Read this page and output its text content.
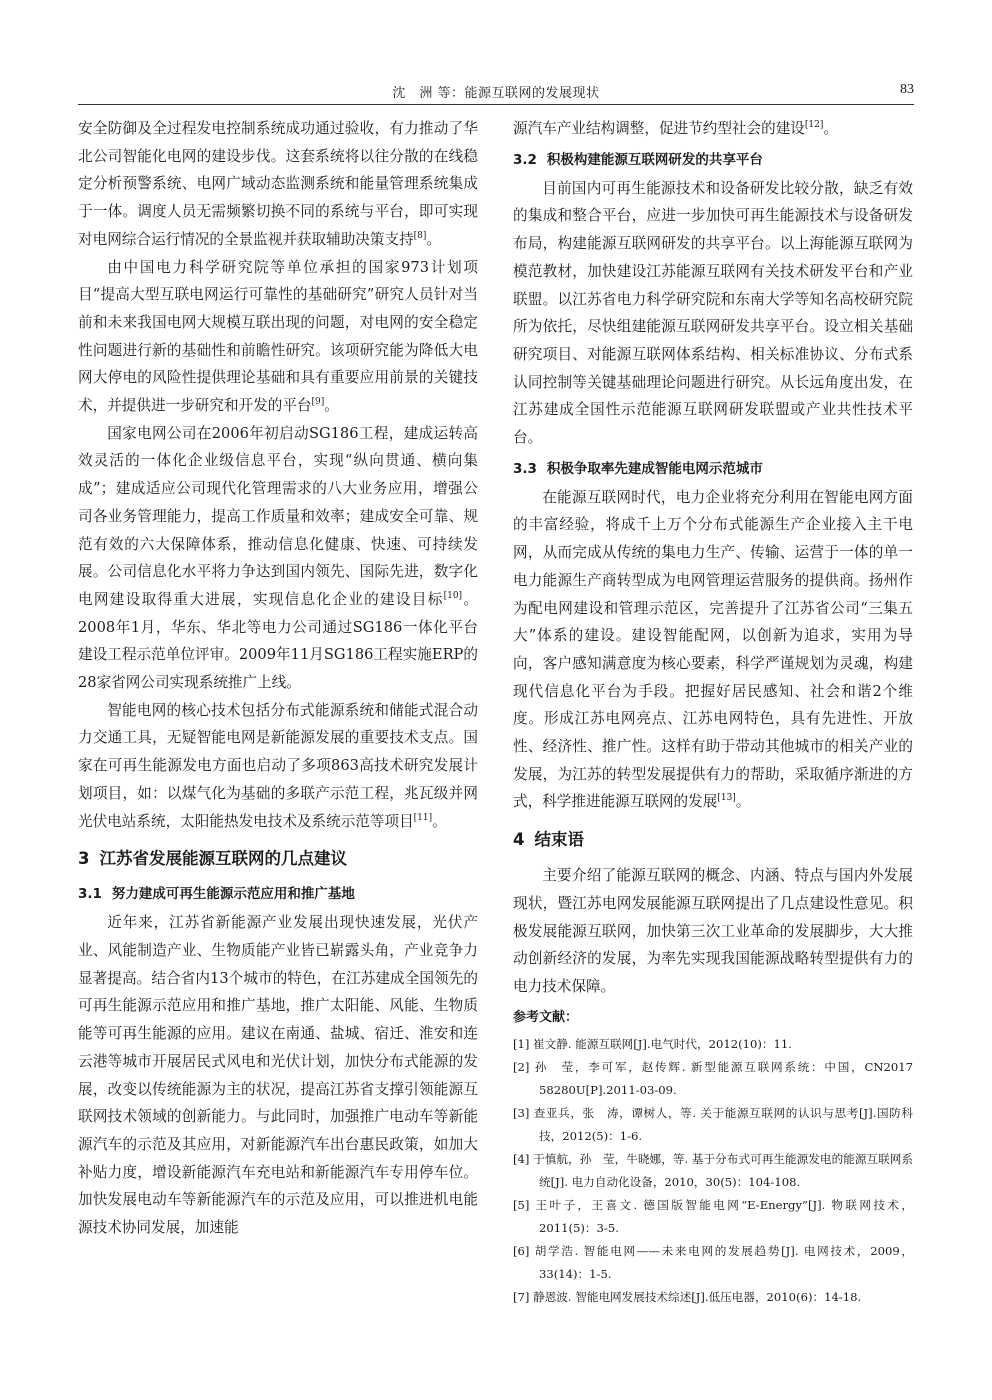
沈　洲 等：能源互联网的发展现状	83

安全防御及全过程发电控制系统成功通过验收，有力推动了华北公司智能化电网的建设步伐。这套系统将以往分散的在线稳定分析预警系统、电网广域动态监测系统和能量管理系统集成于一体。调度人员无需频繁切换不同的系统与平台，即可实现对电网综合运行情况的全景监视并获取辅助决策支持[8]。

由中国电力科学研究院等单位承担的国家973计划项目“提高大型互联电网运行可靠性的基础研究”研究人员针对当前和未来我国电网大规模互联出现的问题，对电网的安全稳定性问题进行新的基础性和前瞻性研究。该项研究能为降低大电网大停电的风险性提供理论基础和具有重要应用前景的关键技术，并提供进一步研究和开发的平台[9]。

国家电网公司在2006年初启动SG186工程，建成运转高效灵活的一体化企业级信息平台，实现“纵向贯通、横向集成”；建成适应公司现代化管理需求的八大业务应用，增强公司各业务管理能力，提高工作质量和效率；建成安全可靠、规范有效的六大保障体系，推动信息化健康、快速、可持续发展。公司信息化水平将力争达到国内领先、国际先进，数字化电网建设取得重大进展，实现信息化企业的建设目标[10]。2008年1月，华东、华北等电力公司通过SG186一体化平台建设工程示范单位评审。2009年11月SG186工程实施ERP的28家省网公司实现系统推广上线。

智能电网的核心技术包括分布式能源系统和储能式混合动力交通工具，无疑智能电网是新能源发展的重要技术支点。国家在可再生能源发电方面也启动了多项863高技术研究发展计划项目，如：以煤气化为基础的多联产示范工程，兆瓦级并网光伏电站系统，太阳能热发电技术及系统示范等项目[11]。

3 江苏省发展能源互联网的几点建议
3.1 努力建成可再生能源示范应用和推广基地

近年来，江苏省新能源产业发展出现快速发展，光伏产业、风能制造产业、生物质能产业皆已崭露头角，产业竞争力显著提高。结合省内13个城市的特色，在江苏建成全国领先的可再生能源示范应用和推广基地，推广太阳能、风能、生物质能等可再生能源的应用。建议在南通、盐城、宿迁、淮安和连云港等城市开展居民式风电和光伏计划，加快分布式能源的发展，改变以传统能源为主的状况，提高江苏省支撑引领能源互联网技术领域的创新能力。与此同时，加强推广电动车等新能源汽车的示范及其应用，对新能源汽车出台惠民政策，如加大补贴力度，增设新能源汽车充电站和新能源汽车专用停车位。加快发展电动车等新能源汽车的示范及应用，可以推进机电能源技术协同发展，加速能

源汽车产业结构调整，促进节约型社会的建设[12]。

3.2 积极构建能源互联网研发的共享平台

目前国内可再生能源技术和设备研发比较分散，缺乏有效的集成和整合平台，应进一步加快可再生能源技术与设备研发布局，构建能源互联网研发的共享平台。以上海能源互联网为模范教材，加快建设江苏能源互联网有关技术研发平台和产业联盟。以江苏省电力科学研究院和东南大学等知名高校研究院所为依托，尽快组建能源互联网研发共享平台。设立相关基础研究项目、对能源互联网体系结构、相关标准协议、分布式系认同控制等关键基础理论问题进行研究。从长远角度出发，在江苏建成全国性示范能源互联网研发联盟或产业共性技术平台。

3.3 积极争取率先建成智能电网示范城市

在能源互联网时代，电力企业将充分利用在智能电网方面的丰富经验，将成千上万个分布式能源生产企业接入主干电网，从而完成从传统的集电力生产、传输、运营于一体的单一电力能源生产商转型成为电网管理运营服务的提供商。扬州作为配电网建设和管理示范区，完善提升了江苏省公司“三集五大”体系的建设。建设智能配网，以创新为追求，实用为导向，客户感知满意度为核心要素，科学严谨规划为灵魂，构建现代信息化平台为手段。把握好居民感知、社会和谐2个维度。形成江苏电网亮点、江苏电网特色，具有先进性、开放性、经济性、推广性。这样有助于带动其他城市的相关产业的发展，为江苏的转型发展提供有力的帮助，采取循序渐进的方式，科学推进能源互联网的发展[13]。

4 结束语

主要介绍了能源互联网的概念、内涵、特点与国内外发展现状，暨江苏电网发展能源互联网提出了几点建设性意见。积极发展能源互联网，加快第三次工业革命的发展脚步，大大推动创新经济的发展，为率先实现我国能源战略转型提供有力的电力技术保障。

参考文献：
[1] 崔文静. 能源互联网[J].电气时代，2012(10)：11.
[2] 孙　莹，李可军，赵传辉. 新型能源互联网系统：中国，CN2017 58280U[P].2011-03-09.
[3] 查亚兵，张　涛，谭树人，等. 关于能源互联网的认识与思考[J].国防科技，2012(5)：1-6.
[4] 于慎航，孙　莹，牛晓娜，等. 基于分布式可再生能源发电的能源互联网系统[J]. 电力自动化设备，2010，30(5)：104-108.
[5] 王叶子，王喜文. 德国版智能电网“E-Energy”[J]. 物联网技术，2011(5)：3-5.
[6] 胡学浩. 智能电网——未来电网的发展趋势[J]. 电网技术，2009，33(14)：1-5.
[7] 静恩波. 智能电网发展技术综述[J].低压电器，2010(6)：14-18.
